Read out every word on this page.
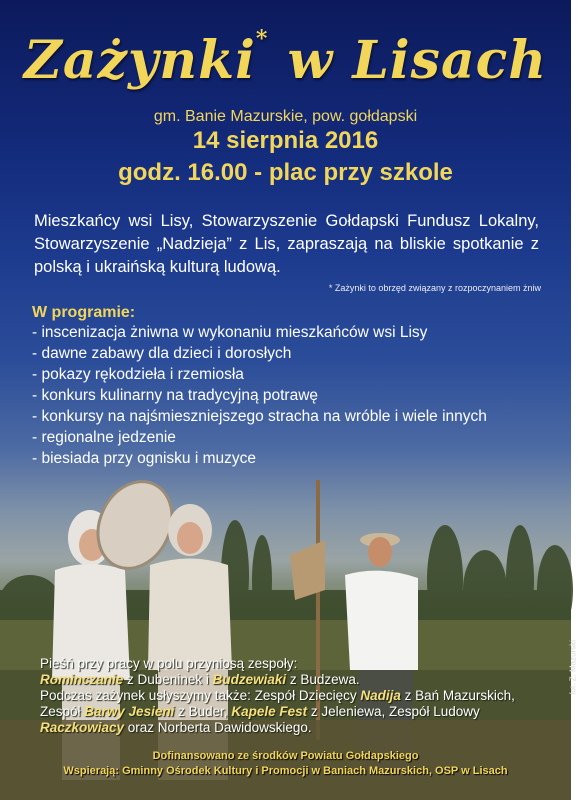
Zażynki* w Lisach
gm. Banie Mazurskie, pow. gołdapski
14 sierpnia 2016
godz. 16.00 - plac przy szkole
Mieszkańcy wsi Lisy, Stowarzyszenie Gołdapski Fundusz Lokalny, Stowarzyszenie „Nadzieja” z Lis, zapraszają na bliskie spotkanie z polską i ukraińską kulturą ludową.
* Zażynki to obrzęd związany z rozpoczynaniem żniw
W programie:
- inscenizacja żniwna w wykonaniu mieszkańców wsi Lisy
- dawne zabawy dla dzieci i dorosłych
- pokazy rękodzieła i rzemiosła
- konkurs kulinarny na tradycyjną potrawę
- konkursy na najśmieszniejszego stracha na wróble i wiele innych
- regionalne jedzenie
- biesiada przy ognisku i muzyce
Pieśń przy pracy w polu przyniosą zespoły:
Rominczanie z Dubeninek i Budzewiaki z Budzewa.
Podczas zażynek usłyszymy także: Zespół Dziecięcy Nadija z Bań Mazurskich, Zespół Barwy Jesieni z Buder, Kapele Fest z Jeleniewa, Zespół Ludowy Raczkowiacy oraz Norberta Dawidowskiego.
Dofinansowano ze środków Powiatu Gołdapskiego
Wspierają: Gminny Ośrodek Kultury i Promocji w Baniach Mazurskich, OSP w Lisach
fot. Z. Mazurski
